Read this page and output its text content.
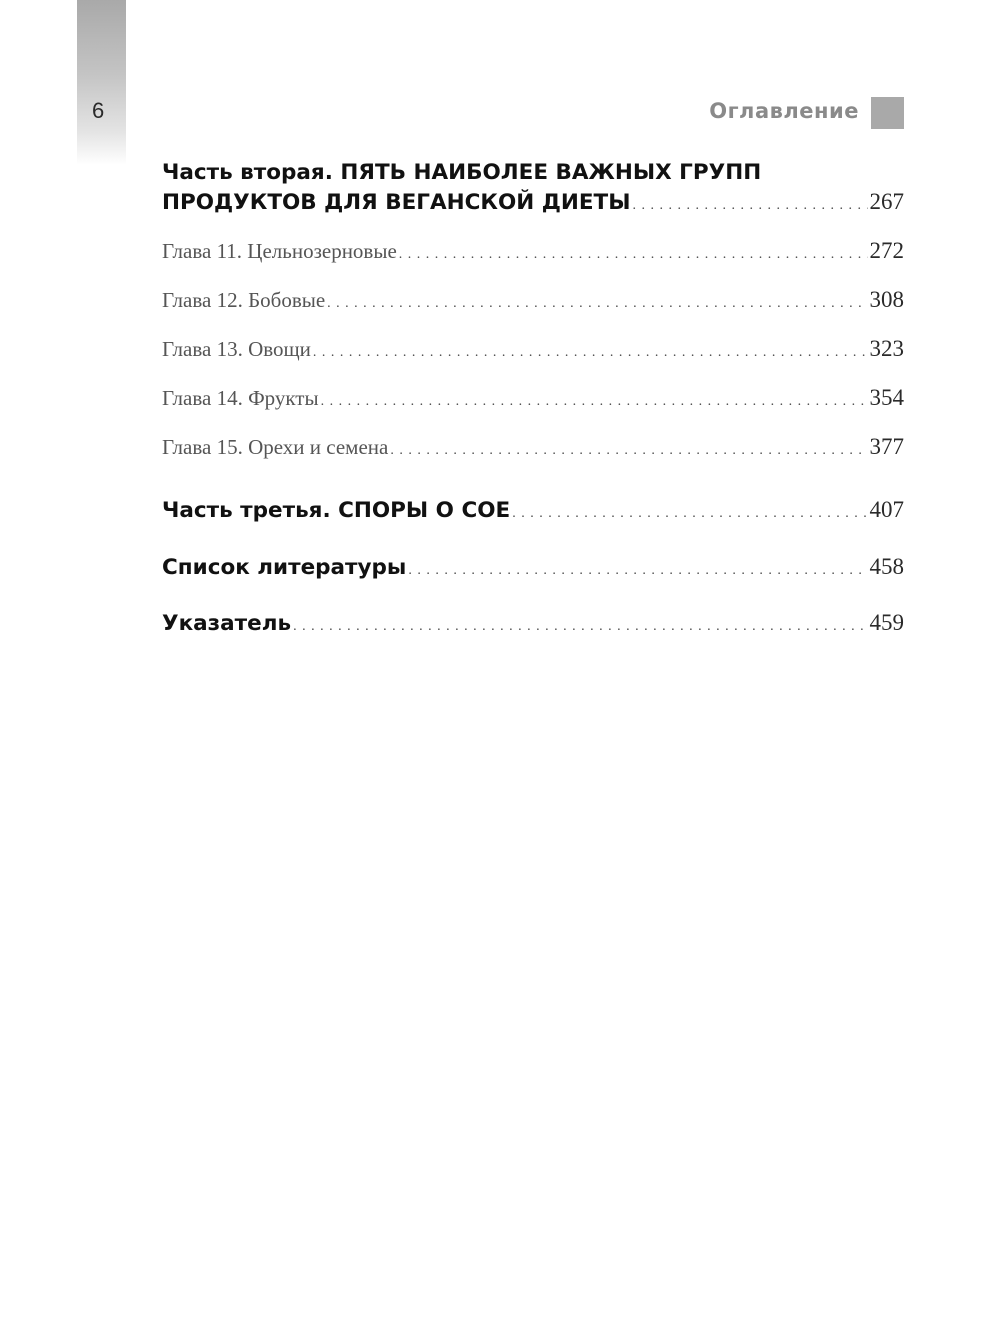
6	Оглавление
Часть вторая. ПЯТЬ НАИБОЛЕЕ ВАЖНЫХ ГРУПП
ПРОДУКТОВ ДЛЯ ВЕГАНСКОЙ ДИЕТЫ . . .	267
Глава 11. Цельнозерновые . . .	272
Глава 12. Бобовые . . .	308
Глава 13. Овощи . . .	323
Глава 14. Фрукты . . .	354
Глава 15. Орехи и семена . . .	377
Часть третья. СПОРЫ О СОЕ . . .	407
Список литературы . . .	458
Указатель . . .	459
